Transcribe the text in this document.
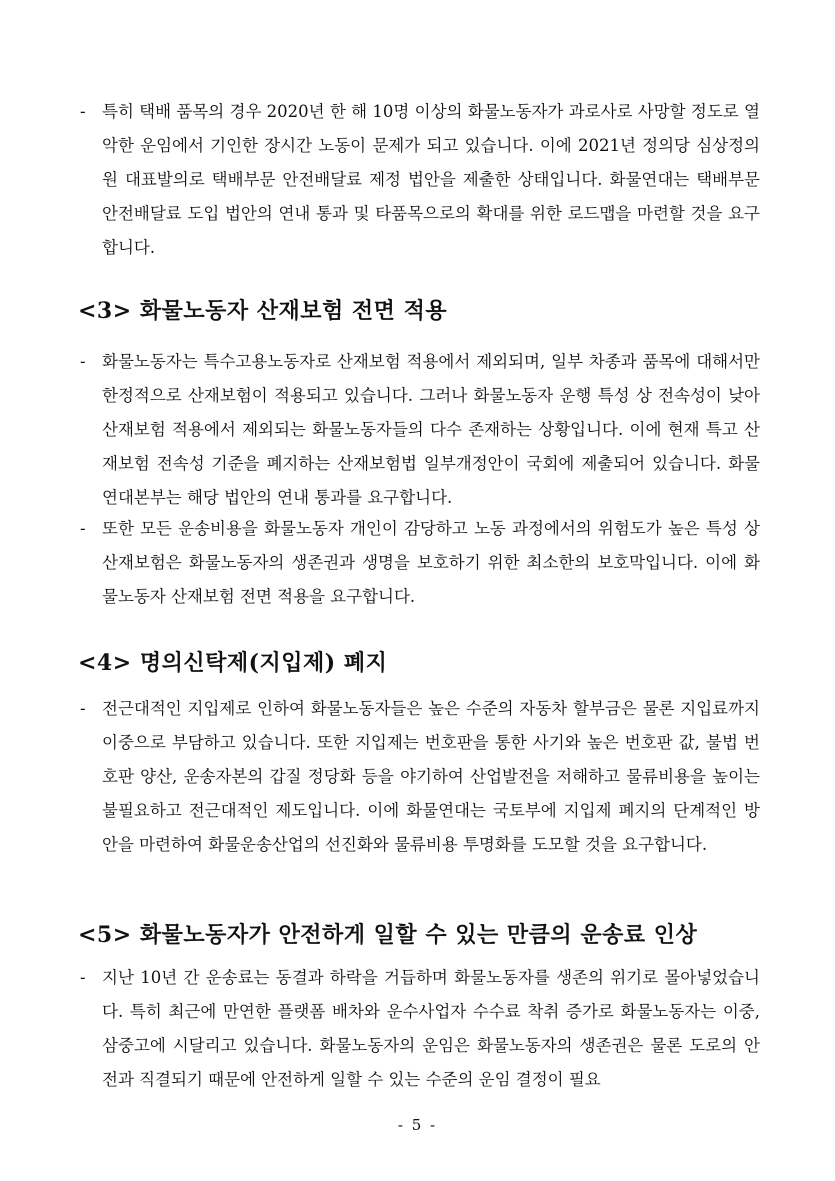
- 특히 택배 품목의 경우 2020년 한 해 10명 이상의 화물노동자가 과로사로 사망할 정도로 열악한 운임에서 기인한 장시간 노동이 문제가 되고 있습니다. 이에 2021년 정의당 심상정의원 대표발의로 택배부문 안전배달료 제정 법안을 제출한 상태입니다. 화물연대는 택배부문 안전배달료 도입 법안의 연내 통과 및 타품목으로의 확대를 위한 로드맵을 마련할 것을 요구합니다.
<3> 화물노동자 산재보험 전면 적용
- 화물노동자는 특수고용노동자로 산재보험 적용에서 제외되며, 일부 차종과 품목에 대해서만 한정적으로 산재보험이 적용되고 있습니다. 그러나 화물노동자 운행 특성 상 전속성이 낮아 산재보험 적용에서 제외되는 화물노동자들의 다수 존재하는 상황입니다. 이에 현재 특고 산재보험 전속성 기준을 폐지하는 산재보험법 일부개정안이 국회에 제출되어 있습니다. 화물연대본부는 해당 법안의 연내 통과를 요구합니다.
- 또한 모든 운송비용을 화물노동자 개인이 감당하고 노동 과정에서의 위험도가 높은 특성 상 산재보험은 화물노동자의 생존권과 생명을 보호하기 위한 최소한의 보호막입니다. 이에 화물노동자 산재보험 전면 적용을 요구합니다.
<4> 명의신탁제(지입제) 폐지
- 전근대적인 지입제로 인하여 화물노동자들은 높은 수준의 자동차 할부금은 물론 지입료까지 이중으로 부담하고 있습니다. 또한 지입제는 번호판을 통한 사기와 높은 번호판 값, 불법 번호판 양산, 운송자본의 갑질 정당화 등을 야기하여 산업발전을 저해하고 물류비용을 높이는 불필요하고 전근대적인 제도입니다. 이에 화물연대는 국토부에 지입제 폐지의 단계적인 방안을 마련하여 화물운송산업의 선진화와 물류비용 투명화를 도모할 것을 요구합니다.
<5> 화물노동자가 안전하게 일할 수 있는 만큼의 운송료 인상
- 지난 10년 간 운송료는 동결과 하락을 거듭하며 화물노동자를 생존의 위기로 몰아넣었습니다. 특히 최근에 만연한 플랫폼 배차와 운수사업자 수수료 착취 증가로 화물노동자는 이중, 삼중고에 시달리고 있습니다. 화물노동자의 운임은 화물노동자의 생존권은 물론 도로의 안전과 직결되기 때문에 안전하게 일할 수 있는 수준의 운임 결정이 필요
- 5 -
